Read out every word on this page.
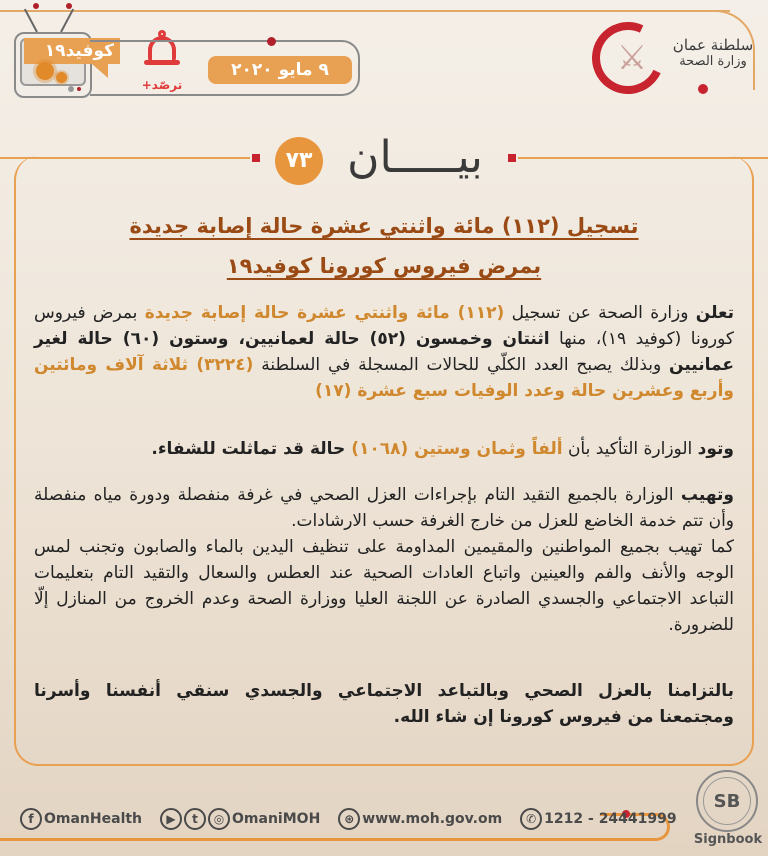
كوفيد١٩
ترصّد+
٩ مايو ٢٠٢٠	⚔	سلطنة عمان
وزارة الصحة
٧٣ بيـــــان
تسجيل (١١٢) مائة واثنتي عشرة حالة إصابة جديدة
بمرض فيروس كورونا كوفيد١٩

تعلن وزارة الصحة عن تسجيل (١١٢) مائة واثنتي عشرة حالة إصابة جديدة بمرض فيروس كورونا (كوفيد ١٩)، منها اثنتان وخمسون (٥٢) حالة لعمانيين، وستون (٦٠) حالة لغير عمانيين وبذلك يصبح العدد الكلّي للحالات المسجلة في السلطنة (٣٢٢٤) ثلاثة آلاف ومائتين وأربع وعشرين حالة وعدد الوفيات سبع عشرة (١٧)

وتود الوزارة التأكيد بأن ألفاً وثمان وستين (١٠٦٨) حالة قد تماثلت للشفاء.

وتهيب الوزارة بالجميع التقيد التام بإجراءات العزل الصحي في غرفة منفصلة ودورة مياه منفصلة وأن تتم خدمة الخاضع للعزل من خارج الغرفة حسب الارشادات.

كما تهيب بجميع المواطنين والمقيمين المداومة على تنظيف اليدين بالماء والصابون وتجنب لمس الوجه والأنف والفم والعينين واتباع العادات الصحية عند العطس والسعال والتقيد التام بتعليمات التباعد الاجتماعي والجسدي الصادرة عن اللجنة العليا ووزارة الصحة وعدم الخروج من المنازل إلّا للضرورة.

بالتزامنا بالعزل الصحي وبالتباعد الاجتماعي والجسدي سنقي أنفسنا وأسرنا ومجتمعنا من فيروس كورونا إن شاء الله.
f OmanHealth	▶	t	◎ OmaniMOH	⊛ www.moh.gov.om	✆ 1212 - 24441999
SB
Signbook
